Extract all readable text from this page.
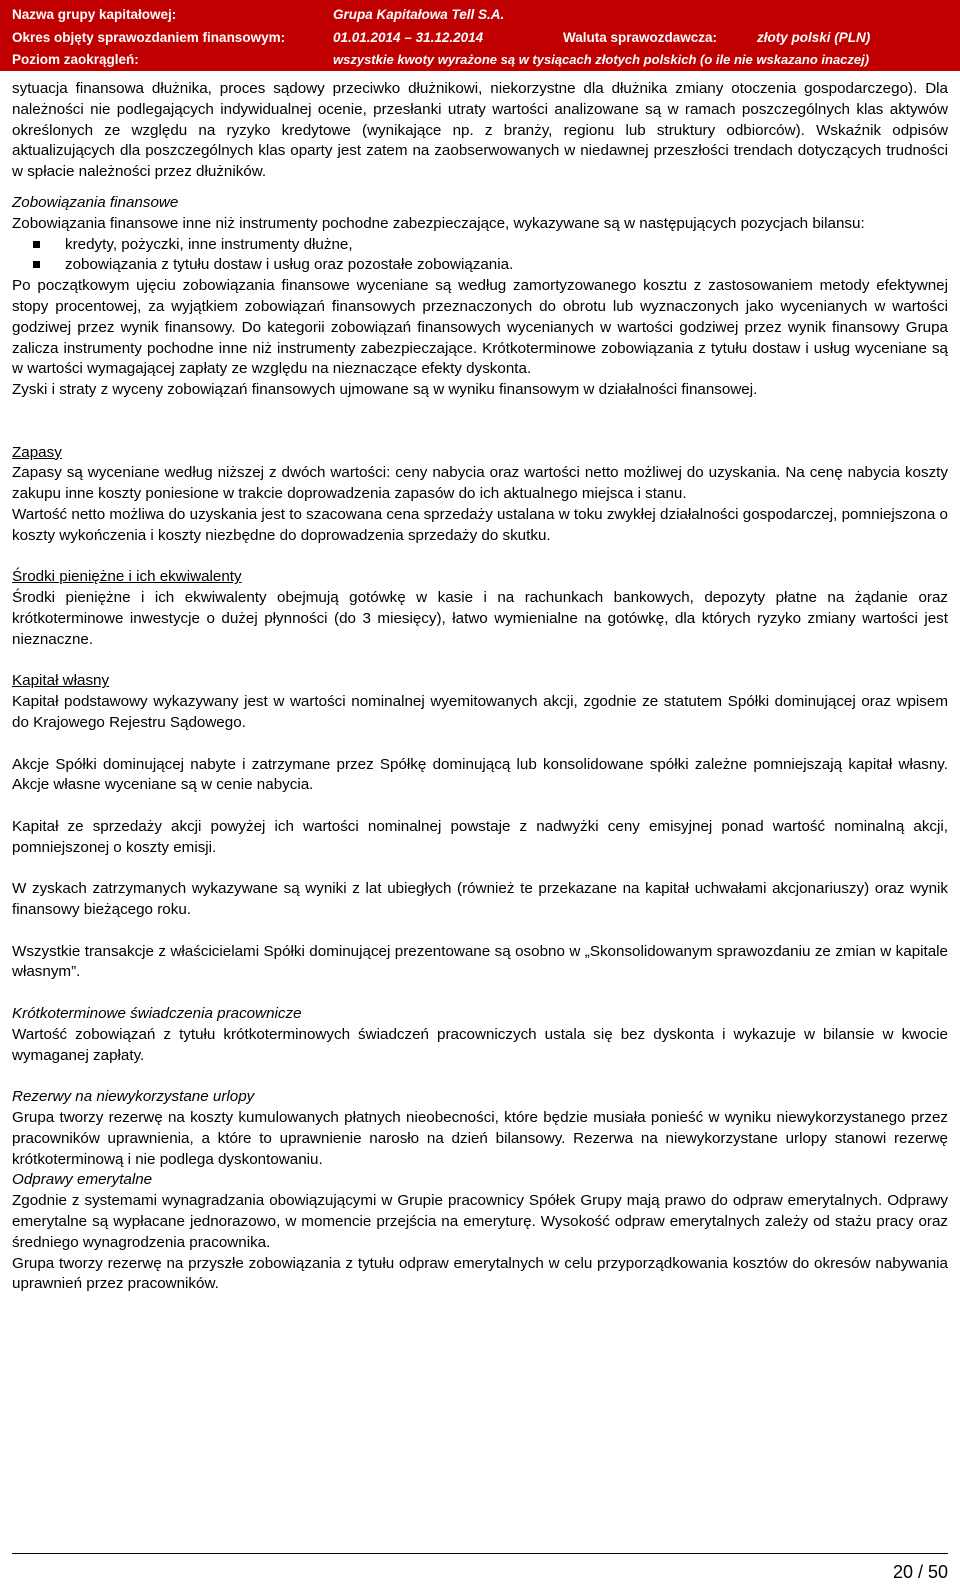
Nazwa grupy kapitałowej:	Grupa Kapitałowa Tell S.A.
Okres objęty sprawozdaniem finansowym:	01.01.2014 – 31.12.2014	Waluta sprawozdawcza:	złoty polski (PLN)
Poziom zaokrągleń:	wszystkie kwoty wyrażone są w tysiącach złotych polskich (o ile nie wskazano inaczej)

sytuacja finansowa dłużnika, proces sądowy przeciwko dłużnikowi, niekorzystne dla dłużnika zmiany otoczenia gospodarczego). Dla należności nie podlegających indywidualnej ocenie, przesłanki utraty wartości analizowane są w ramach poszczególnych klas aktywów określonych ze względu na ryzyko kredytowe (wynikające np. z branży, regionu lub struktury odbiorców). Wskaźnik odpisów aktualizujących dla poszczególnych klas oparty jest zatem na zaobserwowanych w niedawnej przeszłości trendach dotyczących trudności w spłacie należności przez dłużników.

Zobowiązania finansowe

Zobowiązania finansowe inne niż instrumenty pochodne zabezpieczające, wykazywane są w następujących pozycjach bilansu:

kredyty, pożyczki, inne instrumenty dłużne,
zobowiązania z tytułu dostaw i usług oraz pozostałe zobowiązania.

Po początkowym ujęciu zobowiązania finansowe wyceniane są według zamortyzowanego kosztu z zastosowaniem metody efektywnej stopy procentowej, za wyjątkiem zobowiązań finansowych przeznaczonych do obrotu lub wyznaczonych jako wycenianych w wartości godziwej przez wynik finansowy. Do kategorii zobowiązań finansowych wycenianych w wartości godziwej przez wynik finansowy Grupa zalicza instrumenty pochodne inne niż instrumenty zabezpieczające. Krótkoterminowe zobowiązania z tytułu dostaw i usług wyceniane są w wartości wymagającej zapłaty ze względu na nieznaczące efekty dyskonta.

Zyski i straty z wyceny zobowiązań finansowych ujmowane są w wyniku finansowym w działalności finansowej.

Zapasy

Zapasy są wyceniane według niższej z dwóch wartości: ceny nabycia oraz wartości netto możliwej do uzyskania. Na cenę nabycia koszty zakupu inne koszty poniesione w trakcie doprowadzenia zapasów do ich aktualnego miejsca i stanu.

Wartość netto możliwa do uzyskania jest to szacowana cena sprzedaży ustalana w toku zwykłej działalności gospodarczej, pomniejszona o koszty wykończenia i koszty niezbędne do doprowadzenia sprzedaży do skutku.

Środki pieniężne i ich ekwiwalenty

Środki pieniężne i ich ekwiwalenty obejmują gotówkę w kasie i na rachunkach bankowych, depozyty płatne na żądanie oraz krótkoterminowe inwestycje o dużej płynności (do 3 miesięcy), łatwo wymienialne na gotówkę, dla których ryzyko zmiany wartości jest nieznaczne.

Kapitał własny

Kapitał podstawowy wykazywany jest w wartości nominalnej wyemitowanych akcji, zgodnie ze statutem Spółki dominującej oraz wpisem do Krajowego Rejestru Sądowego.

Akcje Spółki dominującej nabyte i zatrzymane przez Spółkę dominującą lub konsolidowane spółki zależne pomniejszają kapitał własny. Akcje własne wyceniane są w cenie nabycia.

Kapitał ze sprzedaży akcji powyżej ich wartości nominalnej powstaje z nadwyżki ceny emisyjnej ponad wartość nominalną akcji, pomniejszonej o koszty emisji.

W zyskach zatrzymanych wykazywane są wyniki z lat ubiegłych (również te przekazane na kapitał uchwałami akcjonariuszy) oraz wynik finansowy bieżącego roku.

Wszystkie transakcje z właścicielami Spółki dominującej prezentowane są osobno w „Skonsolidowanym sprawozdaniu ze zmian w kapitale własnym”.

Krótkoterminowe świadczenia pracownicze

Wartość zobowiązań z tytułu krótkoterminowych świadczeń pracowniczych ustala się bez dyskonta i wykazuje w bilansie w kwocie wymaganej zapłaty.

Rezerwy na niewykorzystane urlopy

Grupa tworzy rezerwę na koszty kumulowanych płatnych nieobecności, które będzie musiała ponieść w wyniku niewykorzystanego przez pracowników uprawnienia, a które to uprawnienie narosło na dzień bilansowy. Rezerwa na niewykorzystane urlopy stanowi rezerwę krótkoterminową i nie podlega dyskontowaniu.

Odprawy emerytalne

Zgodnie z systemami wynagradzania obowiązującymi w Grupie pracownicy Spółek Grupy mają prawo do odpraw emerytalnych. Odprawy emerytalne są wypłacane jednorazowo, w momencie przejścia na emeryturę. Wysokość odpraw emerytalnych zależy od stażu pracy oraz średniego wynagrodzenia pracownika.

Grupa tworzy rezerwę na przyszłe zobowiązania z tytułu odpraw emerytalnych w celu przyporządkowania kosztów do okresów nabywania uprawnień przez pracowników.

20 / 50
